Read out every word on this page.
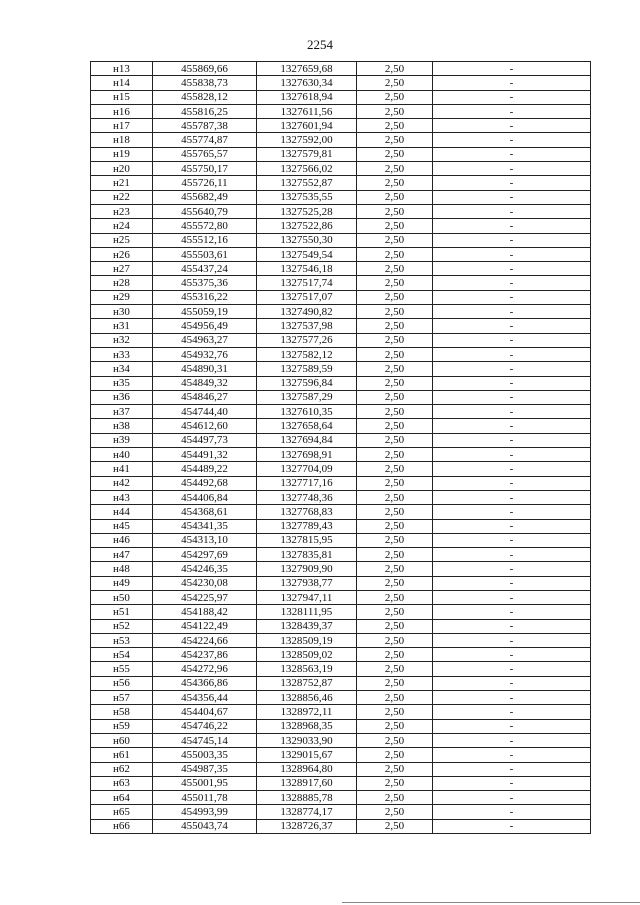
2254
н13	455869,66	1327659,68	2,50	-
н14	455838,73	1327630,34	2,50	-
н15	455828,12	1327618,94	2,50	-
н16	455816,25	1327611,56	2,50	-
н17	455787,38	1327601,94	2,50	-
н18	455774,87	1327592,00	2,50	-
н19	455765,57	1327579,81	2,50	-
н20	455750,17	1327566,02	2,50	-
н21	455726,11	1327552,87	2,50	-
н22	455682,49	1327535,55	2,50	-
н23	455640,79	1327525,28	2,50	-
н24	455572,80	1327522,86	2,50	-
н25	455512,16	1327550,30	2,50	-
н26	455503,61	1327549,54	2,50	-
н27	455437,24	1327546,18	2,50	-
н28	455375,36	1327517,74	2,50	-
н29	455316,22	1327517,07	2,50	-
н30	455059,19	1327490,82	2,50	-
н31	454956,49	1327537,98	2,50	-
н32	454963,27	1327577,26	2,50	-
н33	454932,76	1327582,12	2,50	-
н34	454890,31	1327589,59	2,50	-
н35	454849,32	1327596,84	2,50	-
н36	454846,27	1327587,29	2,50	-
н37	454744,40	1327610,35	2,50	-
н38	454612,60	1327658,64	2,50	-
н39	454497,73	1327694,84	2,50	-
н40	454491,32	1327698,91	2,50	-
н41	454489,22	1327704,09	2,50	-
н42	454492,68	1327717,16	2,50	-
н43	454406,84	1327748,36	2,50	-
н44	454368,61	1327768,83	2,50	-
н45	454341,35	1327789,43	2,50	-
н46	454313,10	1327815,95	2,50	-
н47	454297,69	1327835,81	2,50	-
н48	454246,35	1327909,90	2,50	-
н49	454230,08	1327938,77	2,50	-
н50	454225,97	1327947,11	2,50	-
н51	454188,42	1328111,95	2,50	-
н52	454122,49	1328439,37	2,50	-
н53	454224,66	1328509,19	2,50	-
н54	454237,86	1328509,02	2,50	-
н55	454272,96	1328563,19	2,50	-
н56	454366,86	1328752,87	2,50	-
н57	454356,44	1328856,46	2,50	-
н58	454404,67	1328972,11	2,50	-
н59	454746,22	1328968,35	2,50	-
н60	454745,14	1329033,90	2,50	-
н61	455003,35	1329015,67	2,50	-
н62	454987,35	1328964,80	2,50	-
н63	455001,95	1328917,60	2,50	-
н64	455011,78	1328885,78	2,50	-
н65	454993,99	1328774,17	2,50	-
н66	455043,74	1328726,37	2,50	-
